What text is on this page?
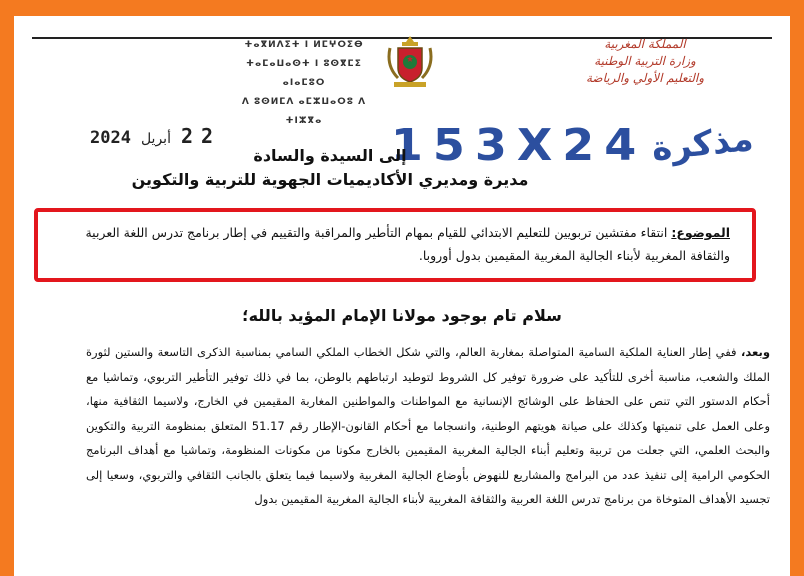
ⵜⴰⴳⵍⴷⵉⵜ ⵏ ⵍⵎⵖⵔⵉⴱ
ⵜⴰⵎⴰⵡⴰⵙⵜ ⵏ ⵓⵙⴳⵎⵉ ⴰⵏⴰⵎⵓⵔ
ⴷ ⵓⵙⵍⵎⴷ ⴰⵎⵣⵡⴰⵔⵓ ⴷ ⵜⵏⵣⴳⴰ
المملكة المغربية
وزارة التربية الوطنية
والتعليم الأولي والرياضة
153X24 مذكرة
2024 أبريل 22
إلى السيدة والسادة
مديرة ومديري الأكاديميات الجهوية للتربية والتكوين
الموضوع: انتقاء مفتشين تربويين للتعليم الابتدائي للقيام بمهام التأطير والمراقبة والتقييم في إطار برنامج تدرس اللغة العربية والثقافة المغربية لأبناء الجالية المغربية المقيمين بدول أوروبا.
سلام تام بوجود مولانا الإمام المؤيد بالله؛

وبعد، ففي إطار العناية الملكية السامية المتواصلة بمغاربة العالم، والتي شكل الخطاب الملكي السامي بمناسبة الذكرى التاسعة والستين لثورة الملك والشعب، مناسبة أخرى للتأكيد على ضرورة توفير كل الشروط لتوطيد ارتباطهم بالوطن، بما في ذلك توفير التأطير التربوي، وتماشيا مع أحكام الدستور التي تنص على الحفاظ على الوشائج الإنسانية مع المواطنات والمواطنين المغاربة المقيمين في الخارج، ولاسيما الثقافية منها، وعلى العمل على تنميتها وكذلك على صيانة هويتهم الوطنية، وانسجاما مع أحكام القانون-الإطار رقم 51.17 المتعلق بمنظومة التربية والتكوين والبحث العلمي، التي جعلت من تربية وتعليم أبناء الجالية المغربية المقيمين بالخارج مكونا من مكونات المنظومة، وتماشيا مع أهداف البرنامج الحكومي الرامية إلى تنفيذ عدد من البرامج والمشاريع للنهوض بأوضاع الجالية المغربية ولاسيما فيما يتعلق بالجانب الثقافي والتربوي، وسعيا إلى تجسيد الأهداف المتوخاة من برنامج تدرس اللغة العربية والثقافة المغربية لأبناء الجالية المغربية المقيمين بدول
